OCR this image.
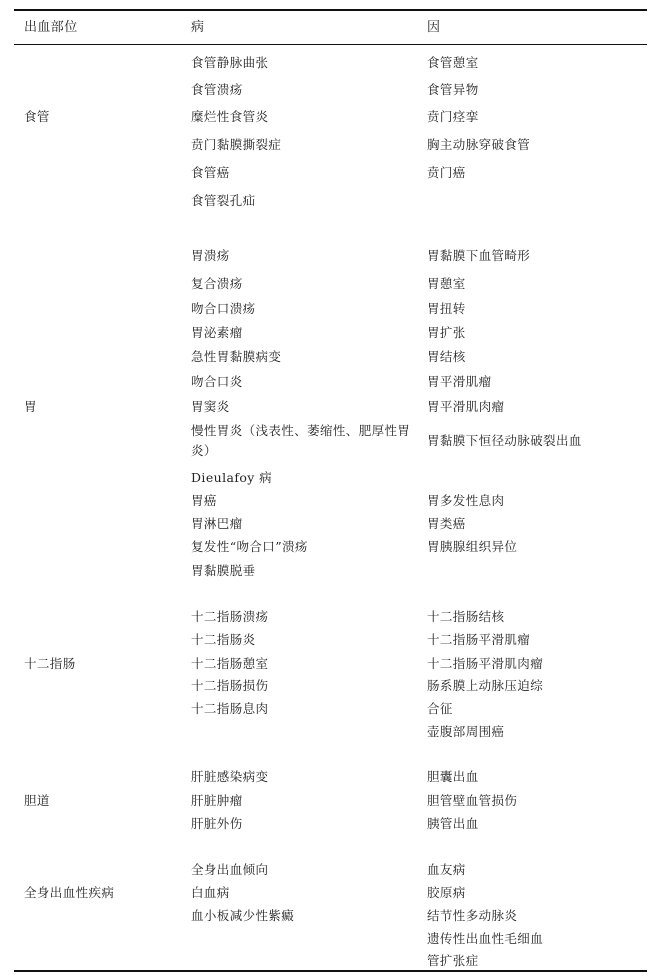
出血部位	病	因
食管
食管静脉曲张
食管溃疡
糜烂性食管炎
贲门黏膜撕裂症
食管癌
食管裂孔疝
食管憩室
食管异物
贲门痉挛
胸主动脉穿破食管
贲门癌
胃
胃溃疡
复合溃疡
吻合口溃疡
胃泌素瘤
急性胃黏膜病变
吻合口炎
胃窦炎
慢性胃炎（浅表性、萎缩性、肥厚性胃炎）
Dieulafoy 病
胃癌
胃淋巴瘤
复发性“吻合口”溃疡
胃黏膜脱垂
胃黏膜下血管畸形
胃憩室
胃扭转
胃扩张
胃结核
胃平滑肌瘤
胃平滑肌肉瘤
胃黏膜下恒径动脉破裂出血
胃多发性息肉
胃类癌
胃胰腺组织异位
十二指肠
十二指肠溃疡
十二指肠炎
十二指肠憩室
十二指肠损伤
十二指肠息肉
十二指肠结核
十二指肠平滑肌瘤
十二指肠平滑肌肉瘤
肠系膜上动脉压迫综
合征
壶腹部周围癌
胆道
肝脏感染病变
肝脏肿瘤
肝脏外伤
胆囊出血
胆管壁血管损伤
胰管出血
全身出血性疾病
全身出血倾向
白血病
血小板减少性紫癜
血友病
胶原病
结节性多动脉炎
遗传性出血性毛细血
管扩张症
